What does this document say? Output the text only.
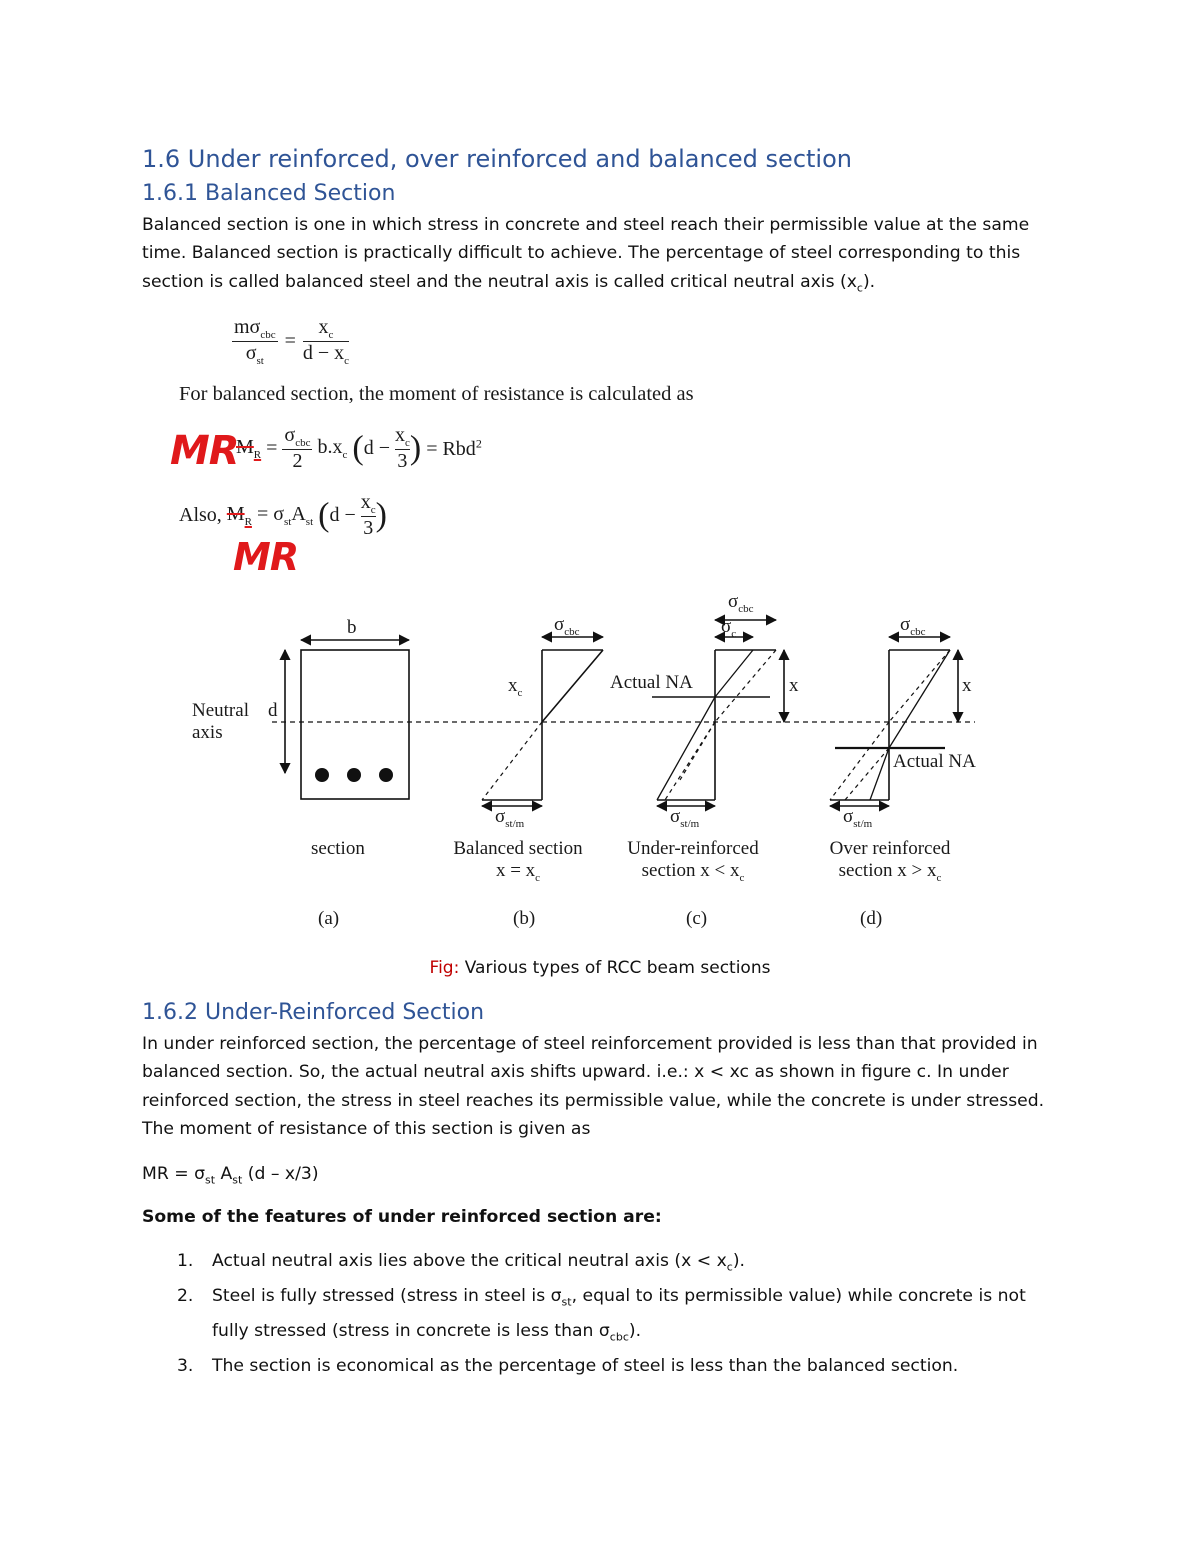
1.6 Under reinforced, over reinforced and balanced section
1.6.1 Balanced Section
Balanced section is one in which stress in concrete and steel reach their permissible value at the same
time. Balanced section is practically difficult to achieve. The percentage of steel corresponding to this
section is called balanced steel and the neutral axis is called critical neutral axis $(x_c)$.
$\frac{m\sigma_{cbc}}{\sigma_{st}} = \frac{x_c}{d - x_c}$
For balanced section, the moment of resistance is calculated as
MR
$M_R = \frac{\sigma_{cbc}}{2} b.x_c$ ($d - \frac{x_c}{3}$ ) = Rbd$^2$
Also, $M_R = \sigma_{st}A_{st}$ ($d - \frac{x_c}{3}$ )
MR
b
d
Neutral
axis
$\sigma_{cbc}$
$x_c$
$\sigma_{st/m}$
$\sigma_{cbc}$
$\sigma_c$
Actual NA	x
$\sigma_{st/m}$
$\sigma_{cbc}$
x
Actual NA
$\sigma_{st/m}$
section	Balanced section
$x = x_c$
Under-reinforced
section $x < x_c$
Over reinforced
section $x > x_c$
(a)	(b)	(c)	(d)
Fig: Various types of RCC beam sections
1.6.2 Under-Reinforced Section
In under reinforced section, the percentage of steel reinforcement provided is less than that provided in
balanced section. So, the actual neutral axis shifts upward. i.e.: x < xc as shown in figure c. In under
reinforced section, the stress in steel reaches its permissible value, while the concrete is under stressed.
The moment of resistance of this section is given as
MR = $\sigma_{st}$ $A_{st}$ (d – x/3)
Some of the features of under reinforced section are:
1. Actual neutral axis lies above the critical neutral axis $(x < x_c)$.
2. Steel is fully stressed (stress in steel is $\sigma_{st}$, equal to its permissible value) while concrete is not fully stressed (stress in concrete is less than $\sigma_{cbc}$).
3. The section is economical as the percentage of steel is less than the balanced section.
